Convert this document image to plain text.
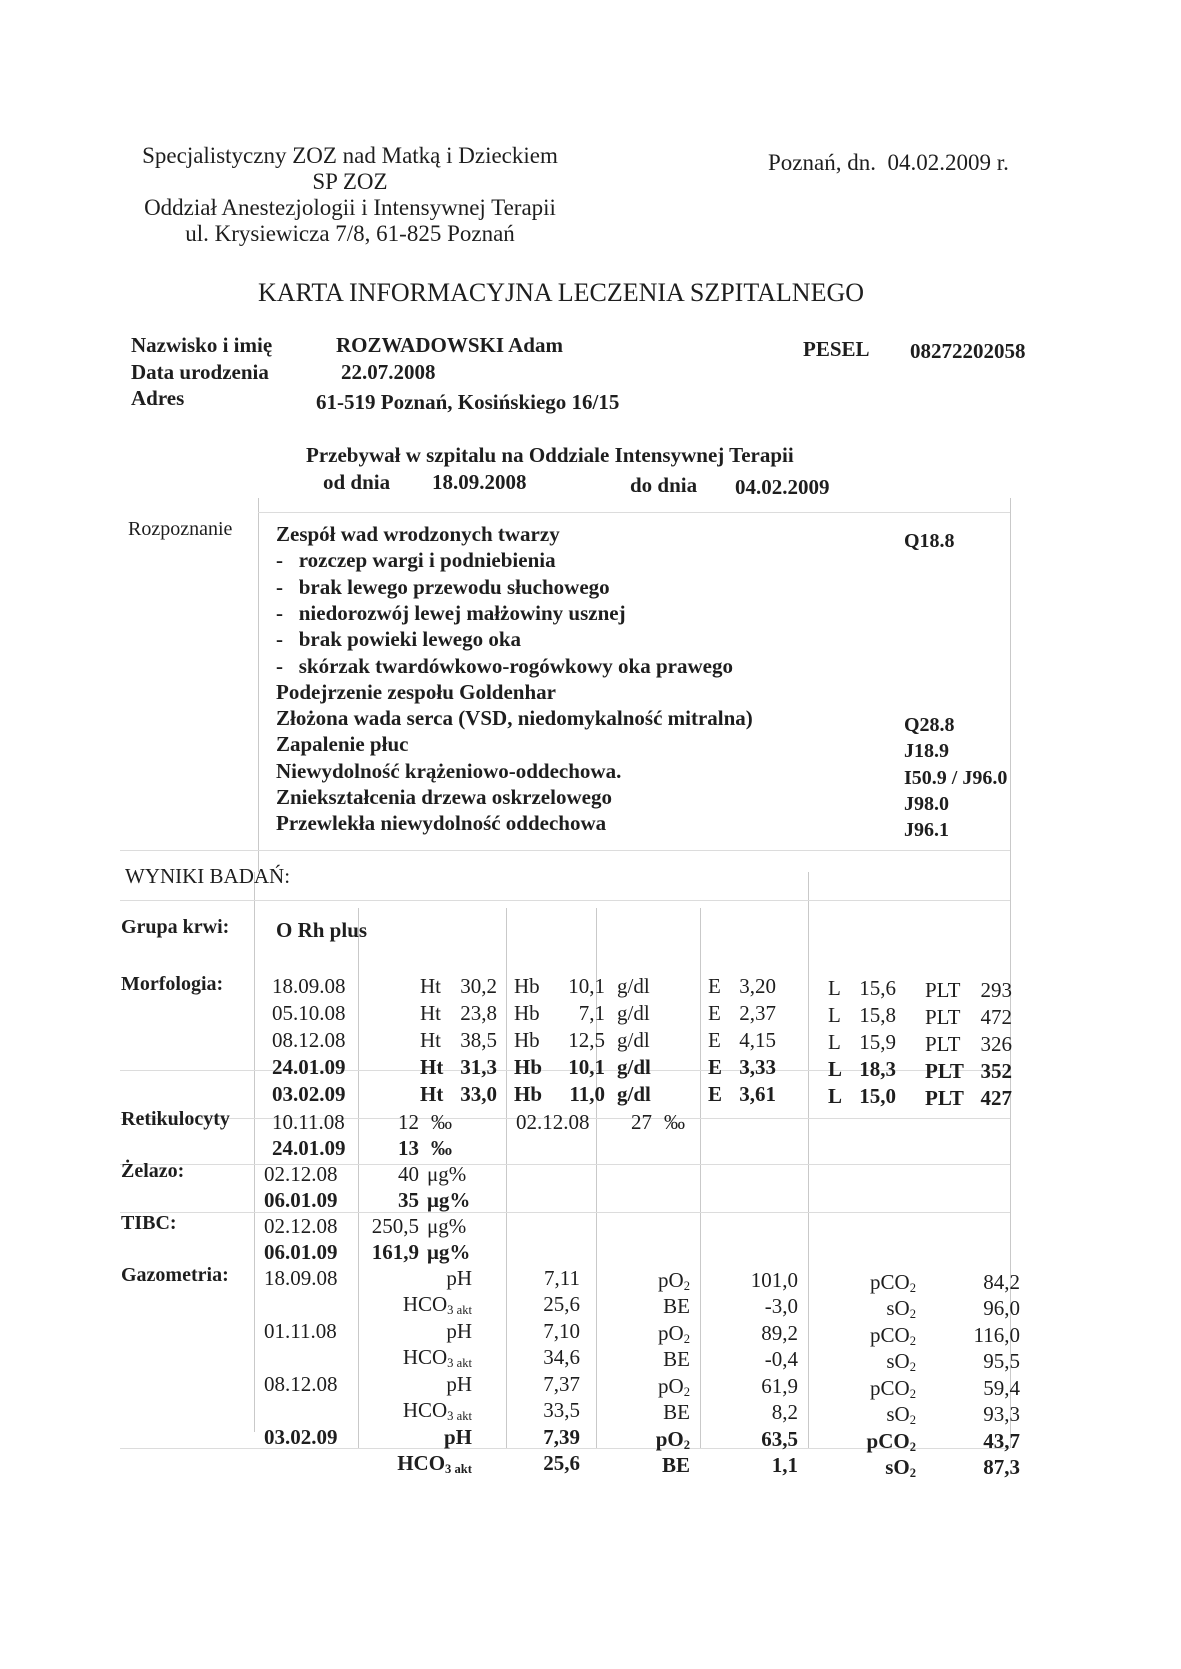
Specjalistyczny ZOZ nad Matką i Dzieckiem
SP ZOZ
Oddział Anestezjologii i Intensywnej Terapii
ul. Krysiewicza 7/8, 61-825 Poznań
Poznań, dn.  04.02.2009 r.
KARTA INFORMACYJNA LECZENIA SZPITALNEGO
Nazwisko i imię	ROZWADOWSKI Adam	PESEL 08272202058
Data urodzenia	22.07.2008
Adres	61-519 Poznań, Kosińskiego 16/15
Przebywał w szpitalu na Oddziale Intensywnej Terapii
od dnia 18.09.2008	do dnia 04.02.2009
Rozpoznanie Zespół wad wrodzonych twarzy	Q18.8
-   rozczep wargi i podniebienia
-   brak lewego przewodu słuchowego
-   niedorozwój lewej małżowiny usznej
-   brak powieki lewego oka
-   skórzak twardówkowo-rogówkowy oka prawego
Podejrzenie zespołu Goldenhar
Złożona wada serca (VSD, niedomykalność mitralna)	Q28.8
Zapalenie płuc	J18.9
Niewydolność krążeniowo-oddechowa.	I50.9 / J96.0
Zniekształcenia drzewa oskrzelowego	J98.0
Przewlekła niewydolność oddechowa	J96.1
WYNIKI BADAŃ:
Grupa krwi: O Rh plus
Morfologia: 18.09.08	Ht 30,2 Hb 10,1 g/dl	E 3,20 L 15,6 PLT 293
05.10.08	Ht 23,8 Hb 7,1 g/dl	E 2,37 L 15,8 PLT 472
08.12.08	Ht 38,5 Hb 12,5 g/dl	E 4,15 L 15,9 PLT 326
24.01.09	Ht 31,3 Hb 10,1 g/dl	E 3,33 L 18,3 PLT 352
03.02.09	Ht 33,0 Hb 11,0 g/dl	E 3,61 L 15,0 PLT 427
Retikulocyty 10.11.08	12 ‰	02.12.08 27 ‰
24.01.09	13 ‰
Żelazo:	02.12.08	40 μg%
06.01.09	35 μg%
TIBC:	02.12.08 250,5 μg%
06.01.09 161,9 μg%
Gazometria: 18.09.08	pH	7,11	$pO_2$	101,0	pCO$_2$	84,2
$HCO_{3 akt}$	25,6	BE	-3,0	$sO_2$	96,0
01.11.08	pH	7,10	$pO_2$	89,2	pCO$_2$	116,0
$HCO_{3 akt}$	34,6	BE	-0,4	$sO_2$	95,5
08.12.08	pH	7,37	$pO_2$	61,9	pCO$_2$	59,4
$HCO_{3 akt}$	33,5	BE	8,2	$sO_2$	93,3
03.02.09	pH	7,39	$pO_2$	63,5	pCO$_2$	43,7
$HCO_{3 akt}$	25,6	BE	1,1	$sO_2$	87,3
